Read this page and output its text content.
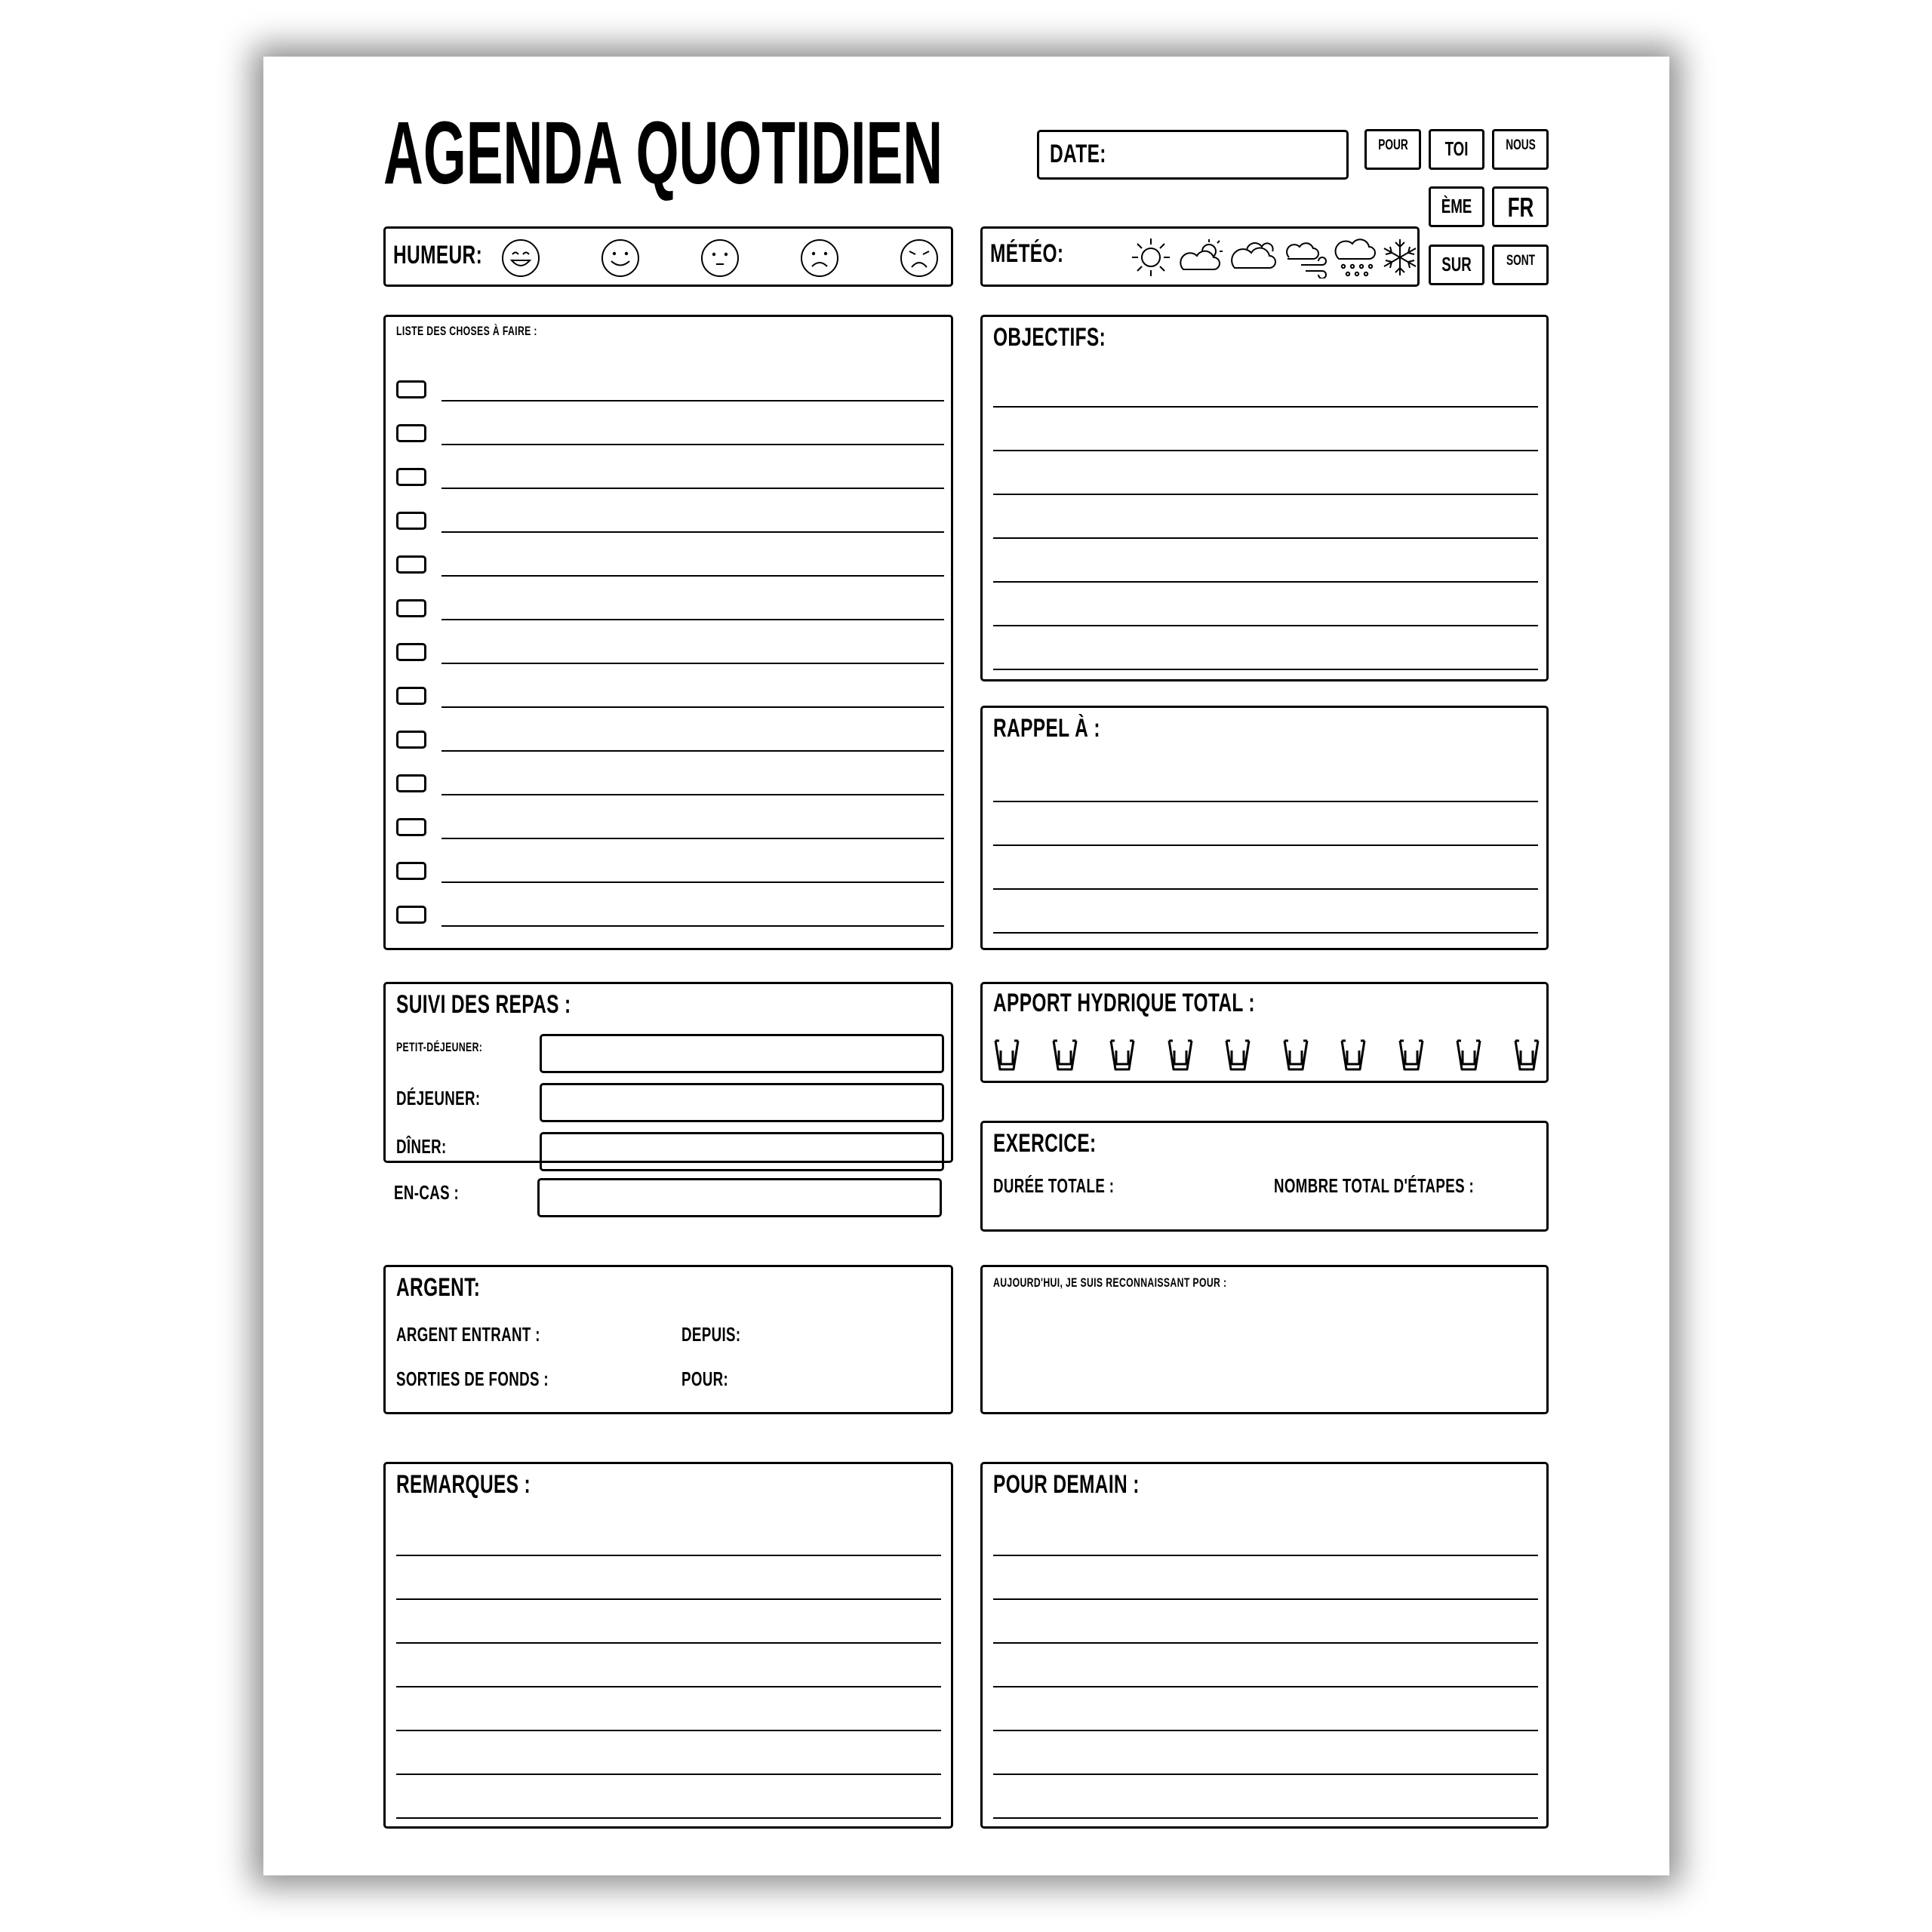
AGENDA QUOTIDIEN	DATE:	POUR TOI	NOUS
ÈME FR
SUR SONT
HUMEUR:	MÉTÉO:
LISTE DES CHOSES À FAIRE :	OBJECTIFS:
RAPPEL À :
SUIVI DES REPAS :
PETIT-DÉJEUNER:
DÉJEUNER:
DÎNER:
EN-CAS :
APPORT HYDRIQUE TOTAL :
EXERCICE:
DURÉE TOTALE :	NOMBRE TOTAL D'ÉTAPES :
ARGENT:
ARGENT ENTRANT :	DEPUIS:
SORTIES DE FONDS :	POUR:
AUJOURD'HUI, JE SUIS RECONNAISSANT POUR :
REMARQUES :	POUR DEMAIN :
